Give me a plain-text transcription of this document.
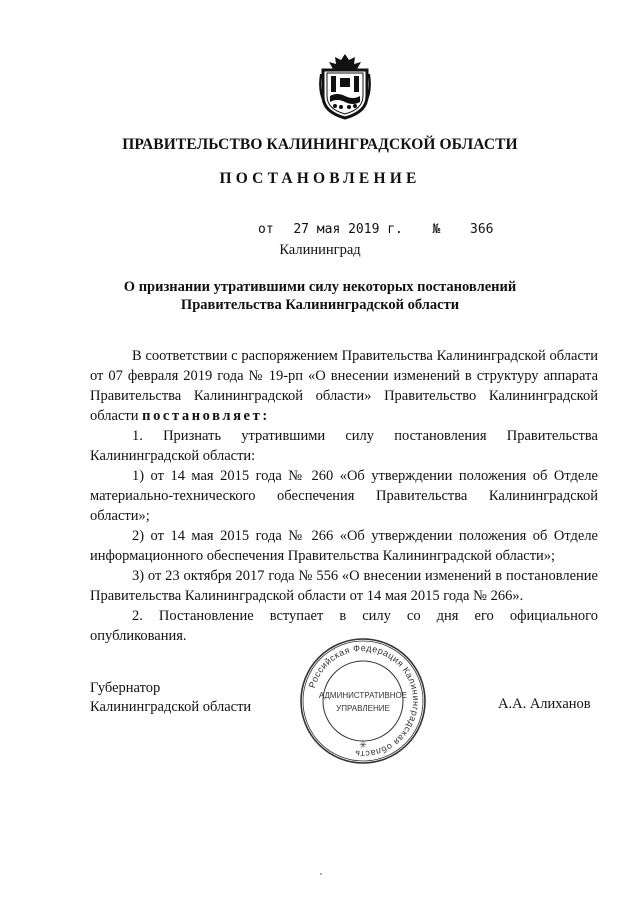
ПРАВИТЕЛЬСТВО КАЛИНИНГРАДСКОЙ ОБЛАСТИ
ПОСТАНОВЛЕНИЕ
от 27 мая 2019 г. № 366
Калининград
О признании утратившими силу некоторых постановлений
Правительства Калининградской области

В соответствии с распоряжением Правительства Калининградской области от 07 февраля 2019 года № 19-рп «О внесении изменений в структуру аппарата Правительства Калининградской области» Правительство Калининградской области постановляет:

1. Признать утратившими силу постановления Правительства Калининградской области:

1) от 14 мая 2015 года № 260 «Об утверждении положения об Отделе материально-технического обеспечения Правительства Калининградской области»;

2) от 14 мая 2015 года № 266 «Об утверждении положения об Отделе информационного обеспечения Правительства Калининградской области»;

3) от 23 октября 2017 года № 556 «О внесении изменений в постановление Правительства Калининградской области от 14 мая 2015 года № 266».

2. Постановление вступает в силу со дня его официального опубликования.

Губернатор
Калининградской области
Российская Федерация Калининградская область
АДМИНИСТРАТИВНОЕ
УПРАВЛЕНИЕ
✳
А.А. Алиханов
